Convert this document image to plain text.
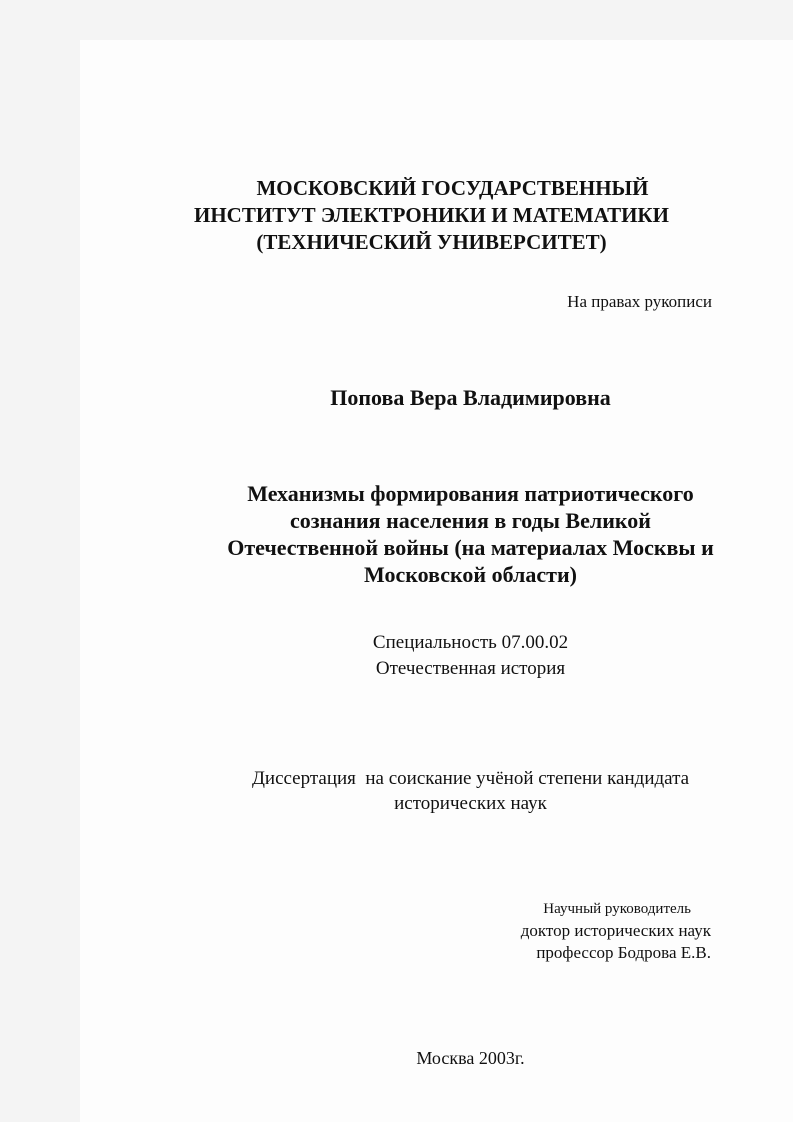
МОСКОВСКИЙ ГОСУДАРСТВЕННЫЙ
ИНСТИТУТ ЭЛЕКТРОНИКИ И МАТЕМАТИКИ
(ТЕХНИЧЕСКИЙ УНИВЕРСИТЕТ)
На правах рукописи
Попова Вера Владимировна
Механизмы формирования патриотического
сознания населения в годы Великой
Отечественной войны (на материалах Москвы и
Московской области)
Специальность 07.00.02
Отечественная история
Диссертация  на соискание учёной степени кандидата
исторических наук
Научный руководитель
доктор исторических наук
профессор Бодрова Е.В.
Москва 2003г.
